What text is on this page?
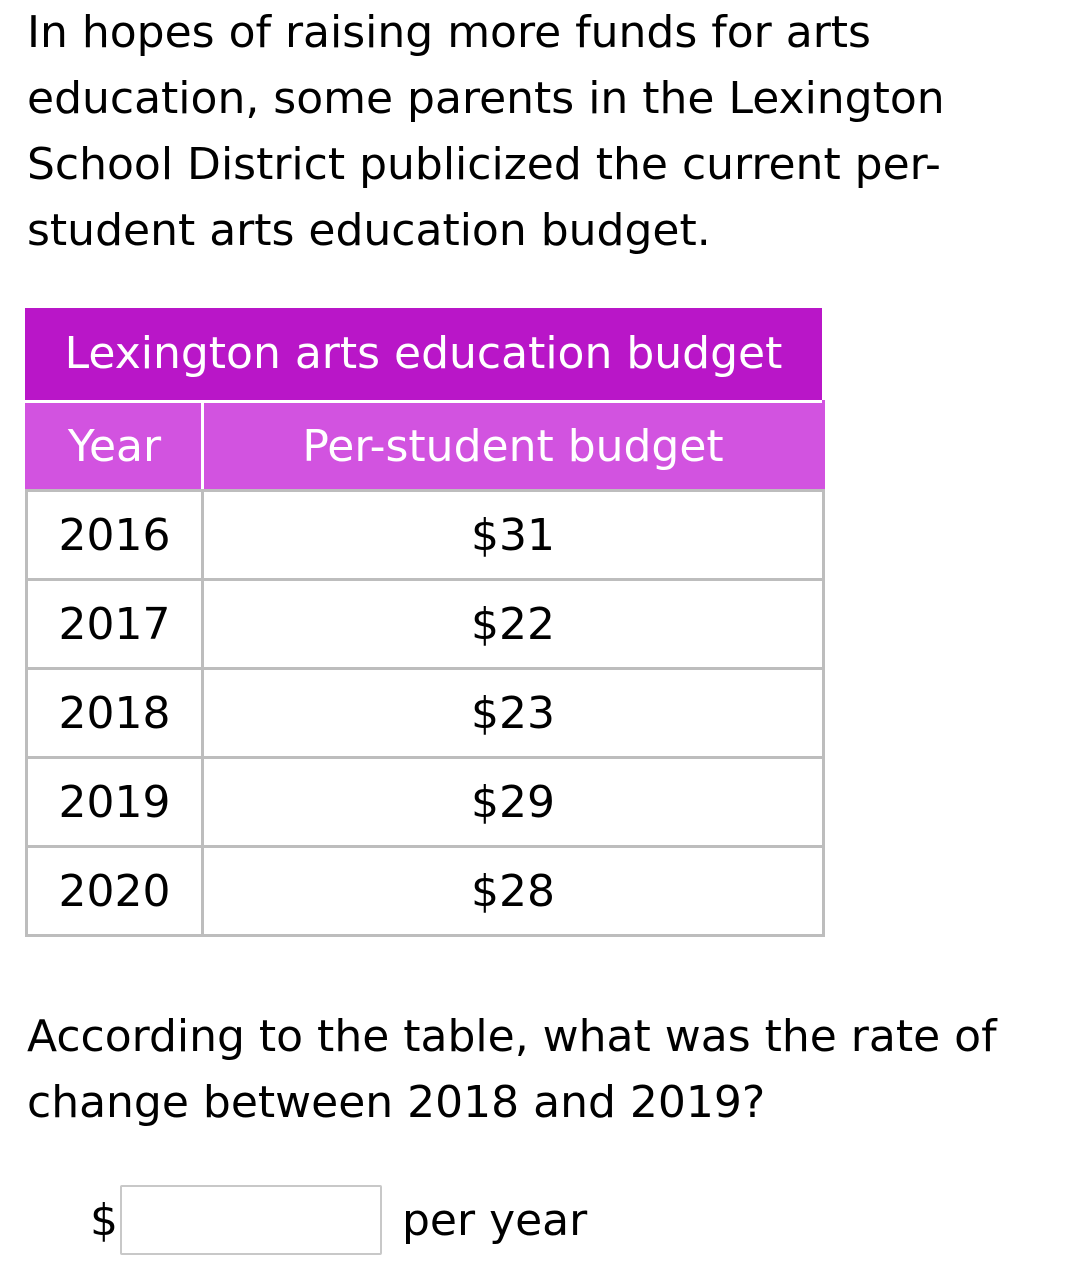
In hopes of raising more funds for arts education, some parents in the Lexington School District publicized the current per-student arts education budget.

Lexington arts education budget
Year	Per-student budget
2016	$31
2017	$22
2018	$23
2019	$29
2020	$28

According to the table, what was the rate of change between 2018 and 2019?

$	per year
